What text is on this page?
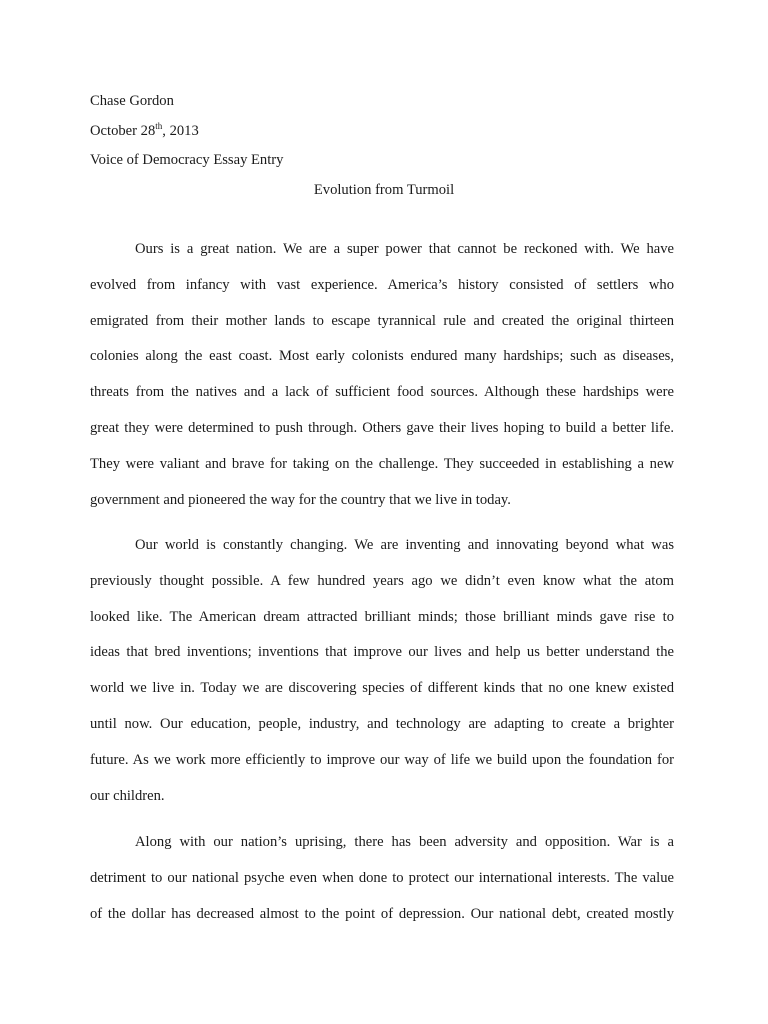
Chase Gordon
October 28th, 2013
Voice of Democracy Essay Entry
Evolution from Turmoil
Ours is a great nation. We are a super power that cannot be reckoned with. We have
evolved from infancy with vast experience. America’s history consisted of settlers who
emigrated from their mother lands to escape tyrannical rule and created the original thirteen
colonies along the east coast. Most early colonists endured many hardships; such as diseases,
threats from the natives and a lack of sufficient food sources. Although these hardships were
great they were determined to push through. Others gave their lives hoping to build a better life.
They were valiant and brave for taking on the challenge. They succeeded in establishing a new
government and pioneered the way for the country that we live in today.
Our world is constantly changing. We are inventing and innovating beyond what was
previously thought possible. A few hundred years ago we didn’t even know what the atom
looked like. The American dream attracted brilliant minds; those brilliant minds gave rise to
ideas that bred inventions; inventions that improve our lives and help us better understand the
world we live in. Today we are discovering species of different kinds that no one knew existed
until now. Our education, people, industry, and technology are adapting to create a brighter
future. As we work more efficiently to improve our way of life we build upon the foundation for
our children.
Along with our nation’s uprising, there has been adversity and opposition. War is a
detriment to our national psyche even when done to protect our international interests. The value
of the dollar has decreased almost to the point of depression. Our national debt, created mostly
